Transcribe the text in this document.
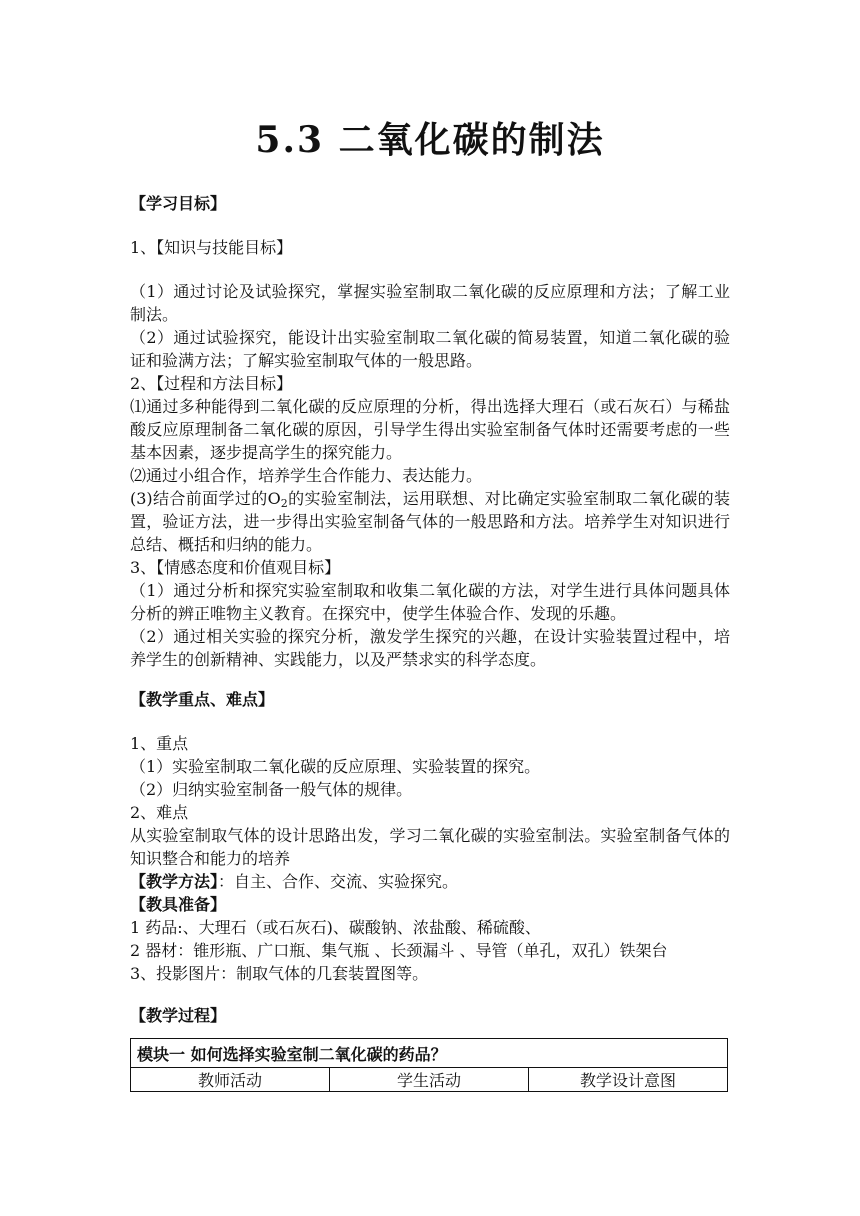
5.3 二氧化碳的制法
【学习目标】
1、【知识与技能目标】
（1）通过讨论及试验探究，掌握实验室制取二氧化碳的反应原理和方法；了解工业制法。
（2）通过试验探究，能设计出实验室制取二氧化碳的简易装置，知道二氧化碳的验证和验满方法；了解实验室制取气体的一般思路。
2、【过程和方法目标】
⑴通过多种能得到二氧化碳的反应原理的分析，得出选择大理石（或石灰石）与稀盐酸反应原理制备二氧化碳的原因，引导学生得出实验室制备气体时还需要考虑的一些基本因素，逐步提高学生的探究能力。
⑵通过小组合作，培养学生合作能力、表达能力。
(3)结合前面学过的$O_2$的实验室制法，运用联想、对比确定实验室制取二氧化碳的装置，验证方法，进一步得出实验室制备气体的一般思路和方法。培养学生对知识进行总结、概括和归纳的能力。
3、【情感态度和价值观目标】
（1）通过分析和探究实验室制取和收集二氧化碳的方法，对学生进行具体问题具体分析的辨正唯物主义教育。在探究中，使学生体验合作、发现的乐趣。
（2）通过相关实验的探究分析，激发学生探究的兴趣，在设计实验装置过程中，培养学生的创新精神、实践能力，以及严禁求实的科学态度。
【教学重点、难点】
1、重点
（1）实验室制取二氧化碳的反应原理、实验装置的探究。
（2）归纳实验室制备一般气体的规律。
2、难点
从实验室制取气体的设计思路出发，学习二氧化碳的实验室制法。实验室制备气体的知识整合和能力的培养
【教学方法】：自主、合作、交流、实验探究。
【教具准备】
1 药品:、大理石（或石灰石)、碳酸钠、浓盐酸、稀硫酸、
2 器材：锥形瓶、广口瓶、集气瓶 、长颈漏斗 、导管（单孔，双孔）铁架台
3、投影图片：制取气体的几套装置图等。
【教学过程】
模块一 如何选择实验室制二氧化碳的药品？
教师活动	学生活动	教学设计意图
